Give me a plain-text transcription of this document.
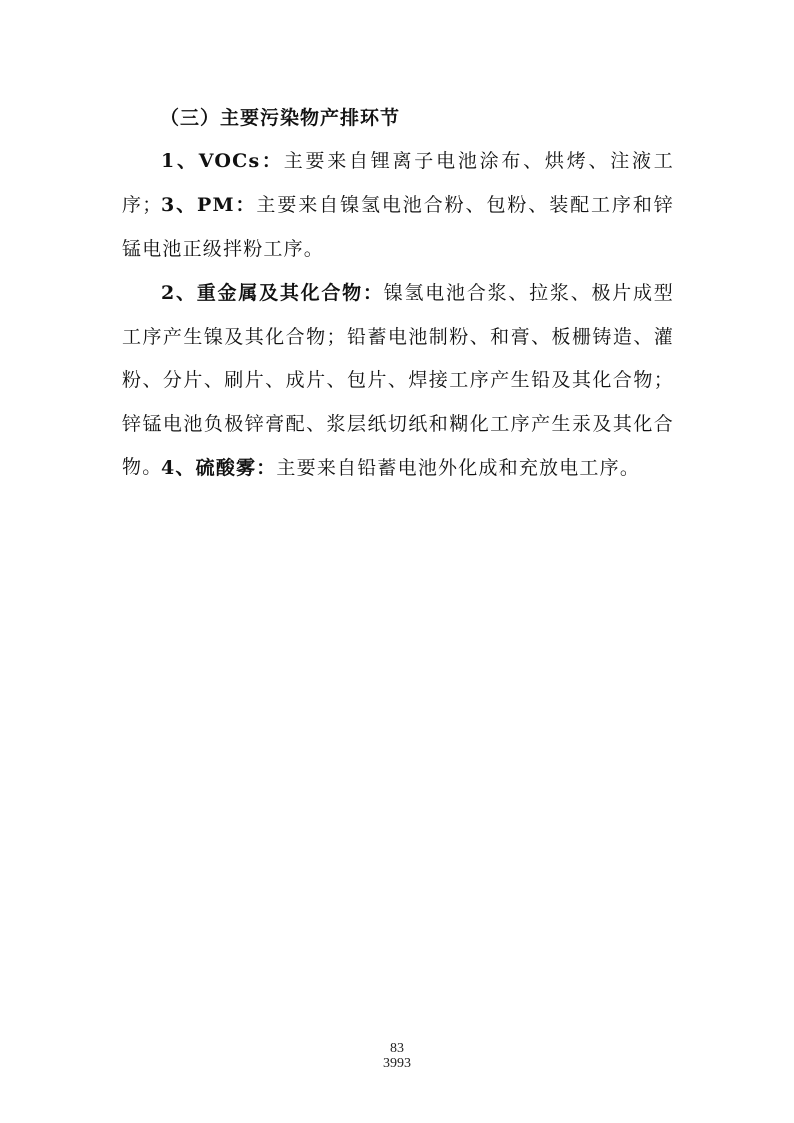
（三）主要污染物产排环节

1、VOCs：主要来自锂离子电池涂布、烘烤、注液工序；

3、PM：主要来自镍氢电池合粉、包粉、装配工序和锌锰电池正级拌粉工序。

2、重金属及其化合物：镍氢电池合浆、拉浆、极片成型工序产生镍及其化合物；铅蓄电池制粉、和膏、板栅铸造、灌粉、分片、刷片、成片、包片、焊接工序产生铅及其化合物；锌锰电池负极锌膏配、浆层纸切纸和糊化工序产生汞及其化合物。

4、硫酸雾：主要来自铅蓄电池外化成和充放电工序。

83
3993
